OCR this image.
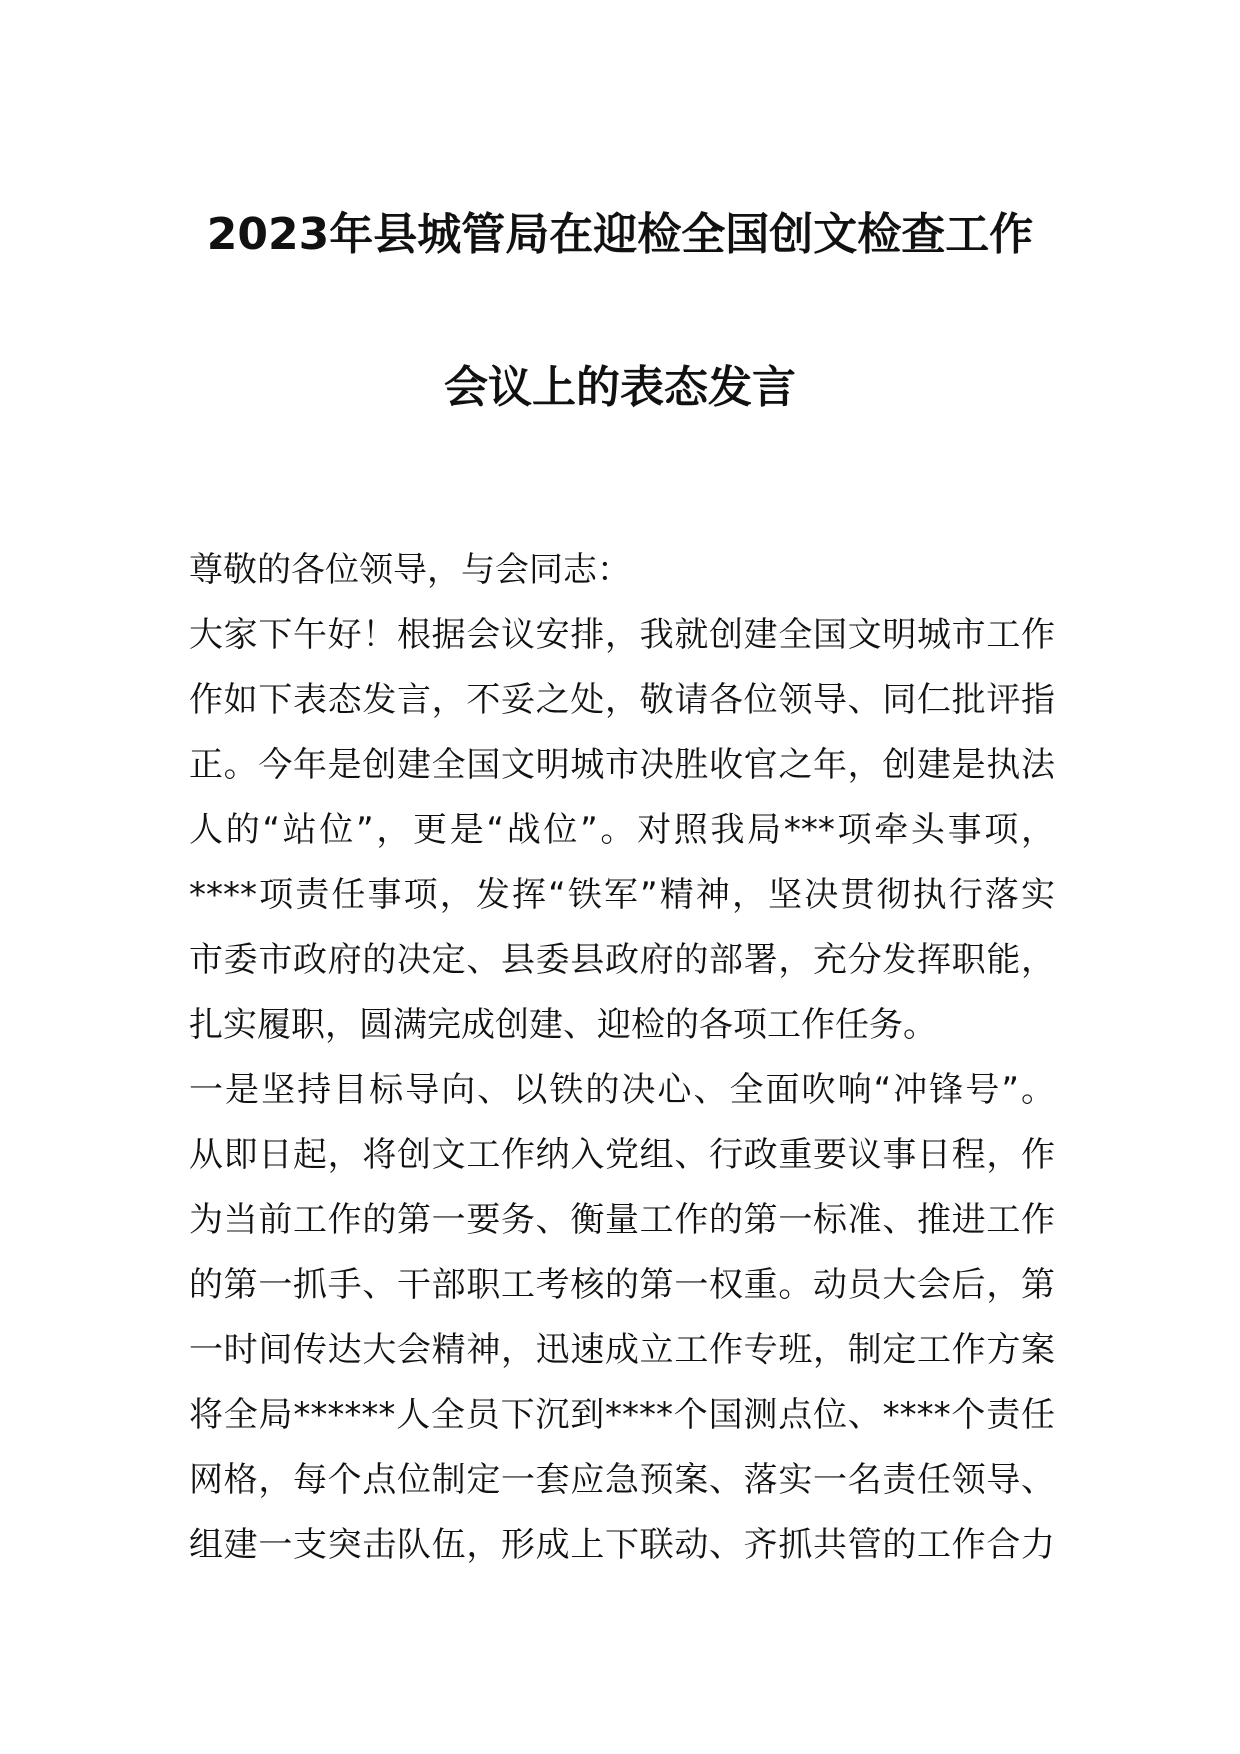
2023年县城管局在迎检全国创文检查工作
会议上的表态发言
尊敬的各位领导，与会同志：
大家下午好！根据会议安排，我就创建全国文明城市工作
作如下表态发言，不妥之处，敬请各位领导、同仁批评指
正。今年是创建全国文明城市决胜收官之年，创建是执法
人的“站位”，更是“战位”。对照我局***项牵头事项，
****项责任事项，发挥“铁军”精神，坚决贯彻执行落实
市委市政府的决定、县委县政府的部署，充分发挥职能，
扎实履职，圆满完成创建、迎检的各项工作任务。
一是坚持目标导向、以铁的决心、全面吹响“冲锋号”。
从即日起，将创文工作纳入党组、行政重要议事日程，作
为当前工作的第一要务、衡量工作的第一标准、推进工作
的第一抓手、干部职工考核的第一权重。动员大会后，第
一时间传达大会精神，迅速成立工作专班，制定工作方案
将全局******人全员下沉到****个国测点位、****个责任
网格，每个点位制定一套应急预案、落实一名责任领导、
组建一支突击队伍，形成上下联动、齐抓共管的工作合力
